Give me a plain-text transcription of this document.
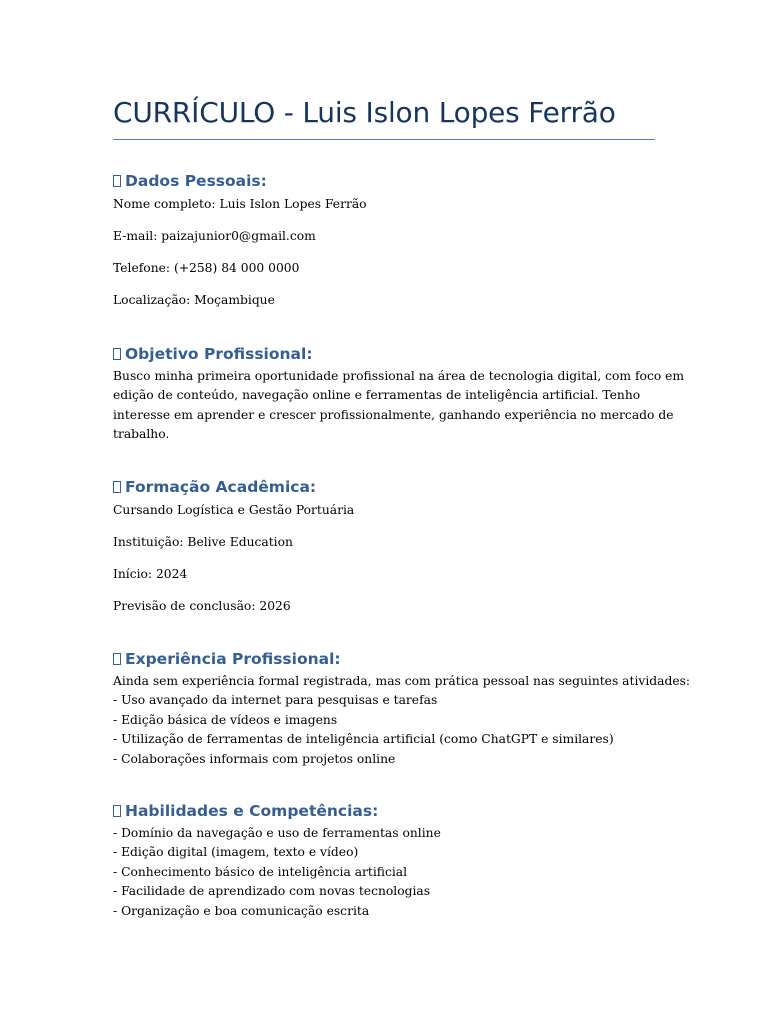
CURRÍCULO - Luis Islon Lopes Ferrão
Dados Pessoais:

Nome completo: Luis Islon Lopes Ferrão

E-mail: paizajunior0@gmail.com

Telefone: (+258) 84 000 0000

Localização: Moçambique

Objetivo Profissional:

Busco minha primeira oportunidade profissional na área de tecnologia digital, com foco em

edição de conteúdo, navegação online e ferramentas de inteligência artificial. Tenho

interesse em aprender e crescer profissionalmente, ganhando experiência no mercado de

trabalho.

Formação Acadêmica:

Cursando Logística e Gestão Portuária

Instituição: Belive Education

Início: 2024

Previsão de conclusão: 2026

Experiência Profissional:

Ainda sem experiência formal registrada, mas com prática pessoal nas seguintes atividades:

- Uso avançado da internet para pesquisas e tarefas

- Edição básica de vídeos e imagens

- Utilização de ferramentas de inteligência artificial (como ChatGPT e similares)

- Colaborações informais com projetos online

Habilidades e Competências:

- Domínio da navegação e uso de ferramentas online

- Edição digital (imagem, texto e vídeo)

- Conhecimento básico de inteligência artificial

- Facilidade de aprendizado com novas tecnologias

- Organização e boa comunicação escrita
